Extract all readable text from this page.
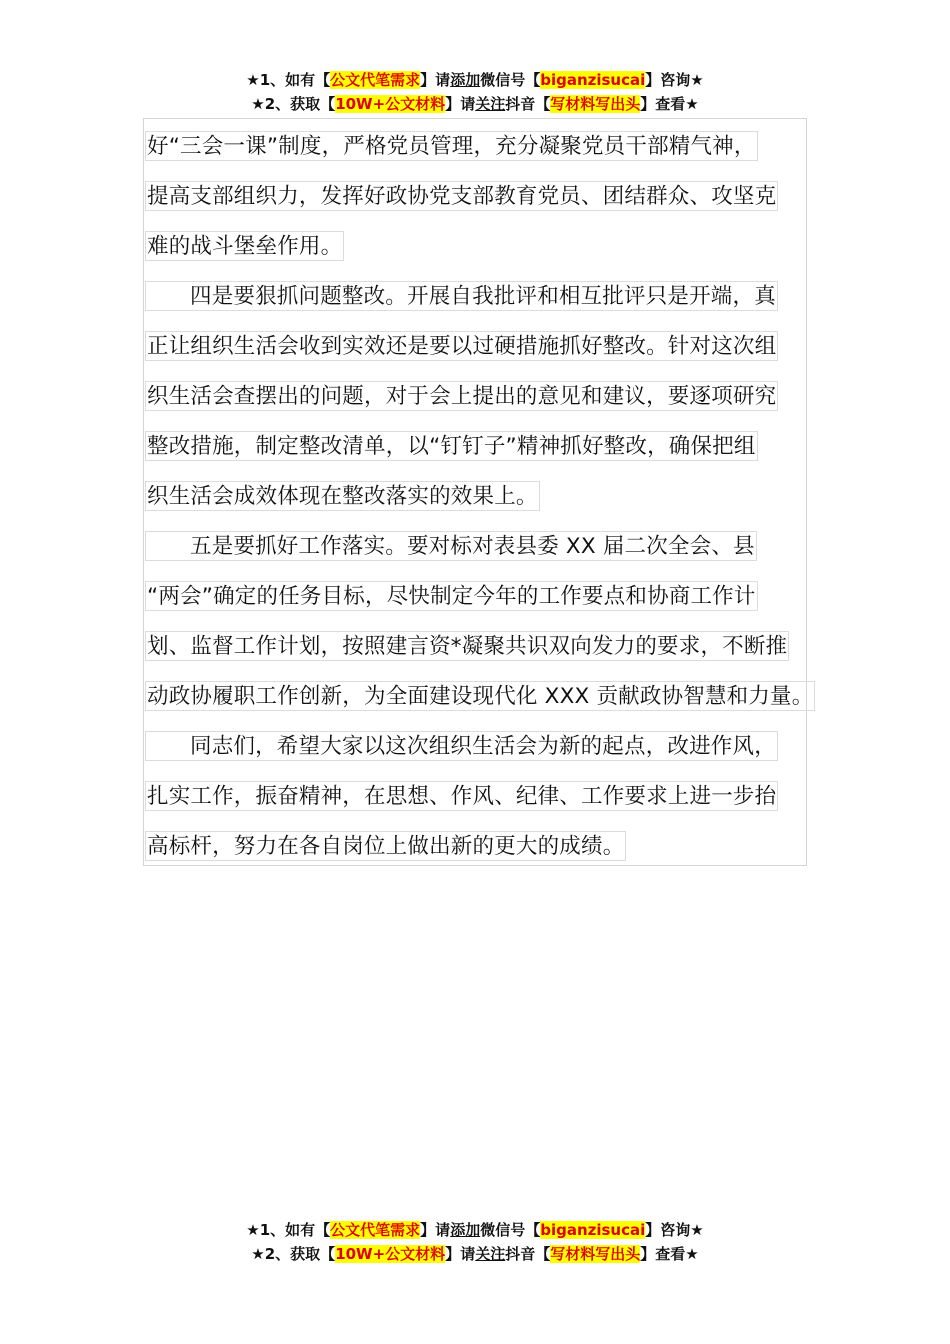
★1、如有【公文代笔需求】请添加微信号【biganzisucai】咨询★
★2、获取【10W+公文材料】请关注抖音【写材料写出头】查看★
好“三会一课”制度，严格党员管理，充分凝聚党员干部精气神，
提高支部组织力，发挥好政协党支部教育党员、团结群众、攻坚克
难的战斗堡垒作用。
四是要狠抓问题整改。开展自我批评和相互批评只是开端，真
正让组织生活会收到实效还是要以过硬措施抓好整改。针对这次组
织生活会查摆出的问题，对于会上提出的意见和建议，要逐项研究
整改措施，制定整改清单，以“钉钉子”精神抓好整改，确保把组
织生活会成效体现在整改落实的效果上。
五是要抓好工作落实。要对标对表县委 XX 届二次全会、县
“两会”确定的任务目标，尽快制定今年的工作要点和协商工作计
划、监督工作计划，按照建言资*凝聚共识双向发力的要求，不断推
动政协履职工作创新，为全面建设现代化 XXX 贡献政协智慧和力量。
同志们，希望大家以这次组织生活会为新的起点，改进作风，
扎实工作，振奋精神，在思想、作风、纪律、工作要求上进一步抬
高标杆，努力在各自岗位上做出新的更大的成绩。
★1、如有【公文代笔需求】请添加微信号【biganzisucai】咨询★
★2、获取【10W+公文材料】请关注抖音【写材料写出头】查看★
